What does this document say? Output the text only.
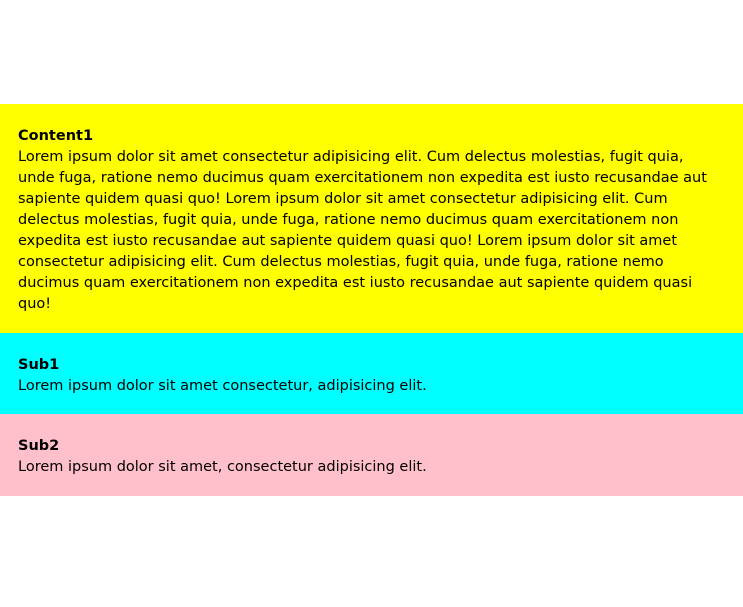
Content1
Lorem ipsum dolor sit amet consectetur adipisicing elit. Cum delectus molestias, fugit quia, unde fuga, ratione nemo ducimus quam exercitationem non expedita est iusto recusandae aut sapiente quidem quasi quo! Lorem ipsum dolor sit amet consectetur adipisicing elit. Cum delectus molestias, fugit quia, unde fuga, ratione nemo ducimus quam exercitationem non expedita est iusto recusandae aut sapiente quidem quasi quo! Lorem ipsum dolor sit amet consectetur adipisicing elit. Cum delectus molestias, fugit quia, unde fuga, ratione nemo ducimus quam exercitationem non expedita est iusto recusandae aut sapiente quidem quasi quo!
Sub1
Lorem ipsum dolor sit amet consectetur, adipisicing elit.
Sub2
Lorem ipsum dolor sit amet, consectetur adipisicing elit.
